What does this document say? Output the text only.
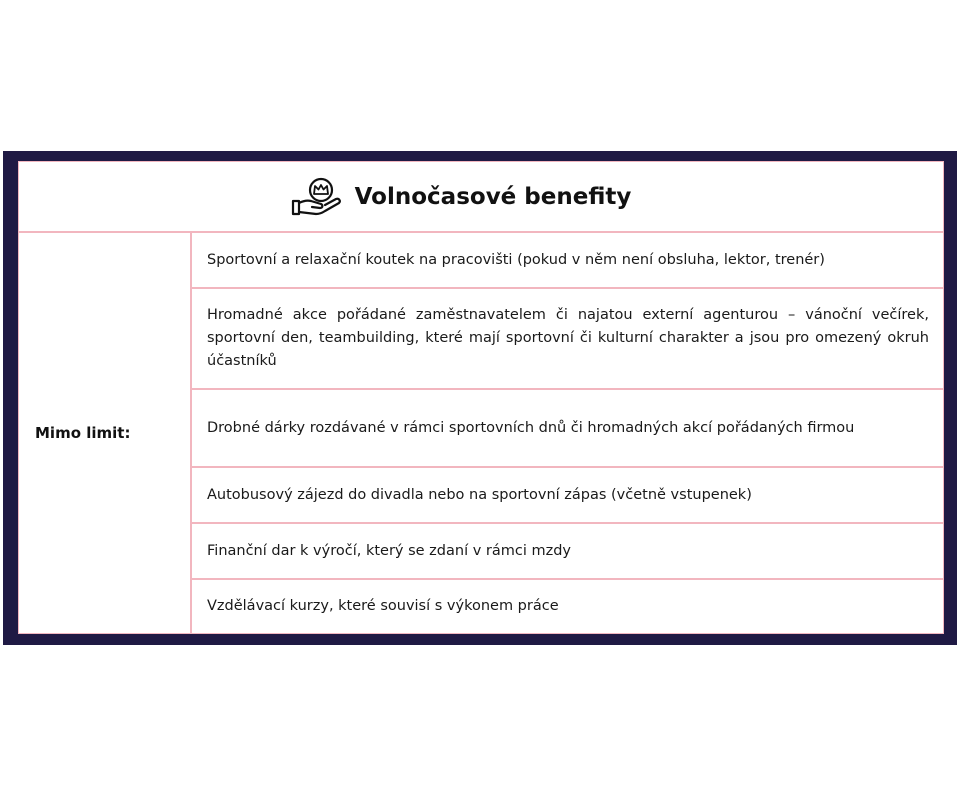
Volnočasové benefity
Mimo limit:
Sportovní a relaxační koutek na pracovišti (pokud v něm není obsluha, lektor, trenér)
Hromadné akce pořádané zaměstnavatelem či najatou externí agenturou – vánoční večírek, sportovní den, teambuilding, které mají sportovní či kulturní charakter a jsou pro omezený okruh účastníků
Drobné dárky rozdávané v rámci sportovních dnů či hromadných akcí pořádaných firmou
Autobusový zájezd do divadla nebo na sportovní zápas (včetně vstupenek)
Finanční dar k výročí, který se zdaní v rámci mzdy
Vzdělávací kurzy, které souvisí s výkonem práce
